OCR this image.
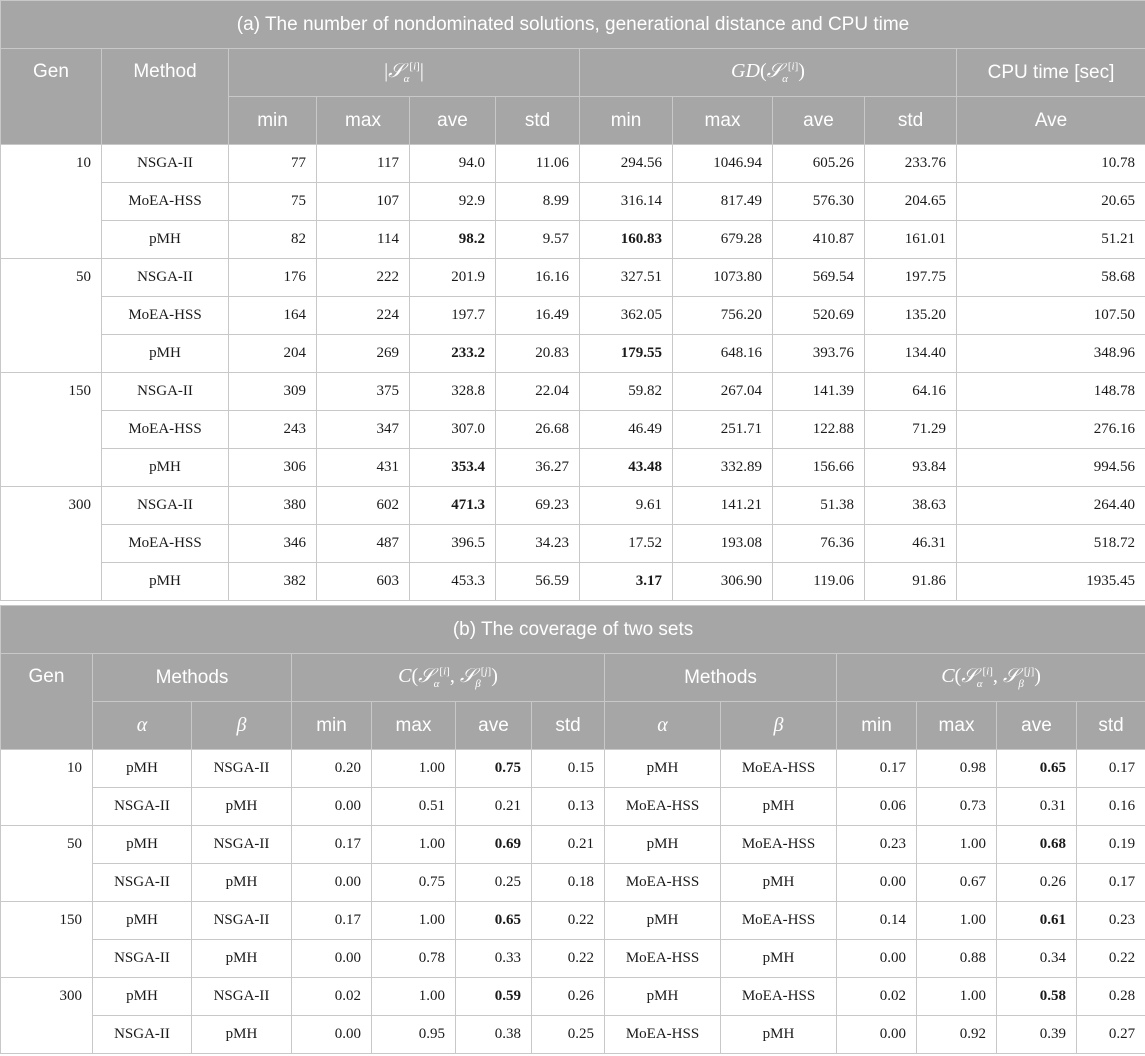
(a) The number of nondominated solutions, generational distance and CPU time										
Gen	Method	|𝒮$_\alpha$[i]|				GD(𝒮$_\alpha$[i])				CPU time [sec]
		min	max	ave	std	min	max	ave	std	Ave
10	NSGA-II	77	117	94.0	11.06	294.56	1046.94	605.26	233.76	10.78
	MoEA-HSS	75	107	92.9	8.99	316.14	817.49	576.30	204.65	20.65
	pMH	82	114	98.2	9.57	160.83	679.28	410.87	161.01	51.21
50	NSGA-II	176	222	201.9	16.16	327.51	1073.80	569.54	197.75	58.68
	MoEA-HSS	164	224	197.7	16.49	362.05	756.20	520.69	135.20	107.50
	pMH	204	269	233.2	20.83	179.55	648.16	393.76	134.40	348.96
150	NSGA-II	309	375	328.8	22.04	59.82	267.04	141.39	64.16	148.78
	MoEA-HSS	243	347	307.0	26.68	46.49	251.71	122.88	71.29	276.16
	pMH	306	431	353.4	36.27	43.48	332.89	156.66	93.84	994.56
300	NSGA-II	380	602	471.3	69.23	9.61	141.21	51.38	38.63	264.40
	MoEA-HSS	346	487	396.5	34.23	17.52	193.08	76.36	46.31	518.72
	pMH	382	603	453.3	56.59	3.17	306.90	119.06	91.86	1935.45
(b) The coverage of two sets												
Gen	Methods		C(𝒮$_\alpha$[i], 𝒮$_\beta$[j])				Methods		C(𝒮$_\alpha$[i], 𝒮$_\beta$[j])			
	α	β	min	max	ave	std	α	β	min	max	ave	std
10	pMH	NSGA-II	0.20	1.00	0.75	0.15	pMH	MoEA-HSS	0.17	0.98	0.65	0.17
	NSGA-II	pMH	0.00	0.51	0.21	0.13	MoEA-HSS	pMH	0.06	0.73	0.31	0.16
50	pMH	NSGA-II	0.17	1.00	0.69	0.21	pMH	MoEA-HSS	0.23	1.00	0.68	0.19
	NSGA-II	pMH	0.00	0.75	0.25	0.18	MoEA-HSS	pMH	0.00	0.67	0.26	0.17
150	pMH	NSGA-II	0.17	1.00	0.65	0.22	pMH	MoEA-HSS	0.14	1.00	0.61	0.23
	NSGA-II	pMH	0.00	0.78	0.33	0.22	MoEA-HSS	pMH	0.00	0.88	0.34	0.22
300	pMH	NSGA-II	0.02	1.00	0.59	0.26	pMH	MoEA-HSS	0.02	1.00	0.58	0.28
	NSGA-II	pMH	0.00	0.95	0.38	0.25	MoEA-HSS	pMH	0.00	0.92	0.39	0.27
